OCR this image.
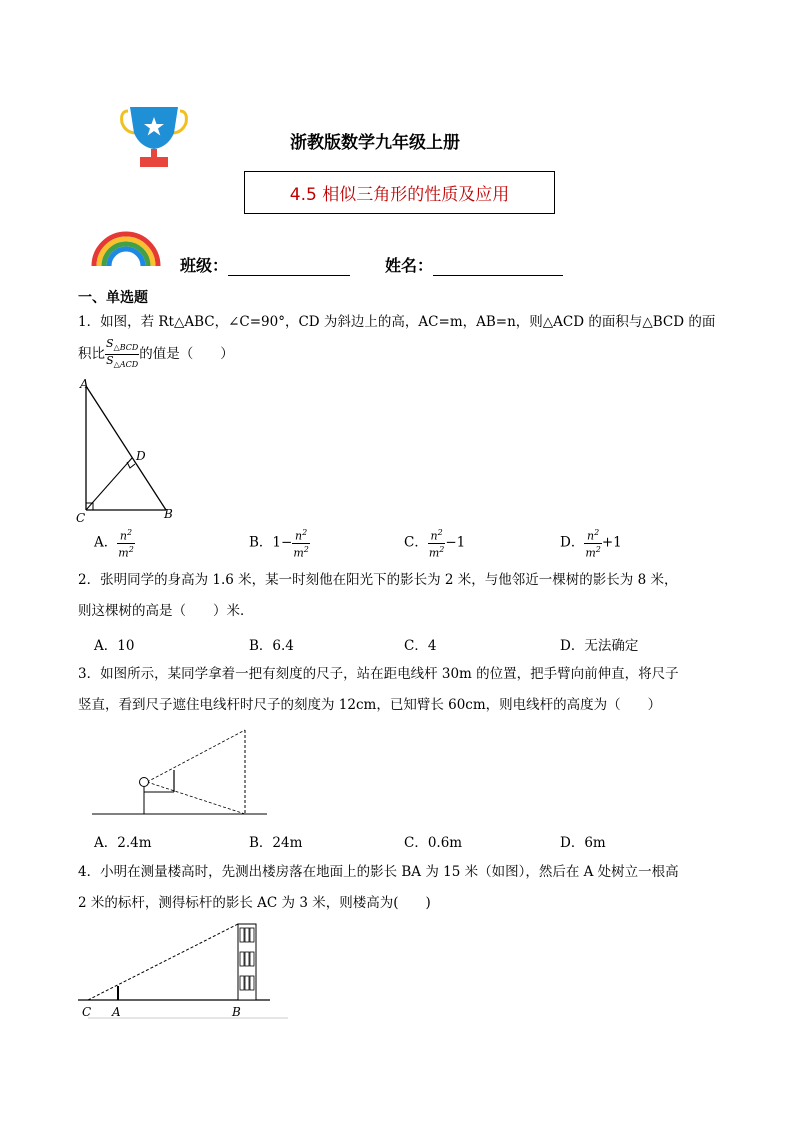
浙教版数学九年级上册
4.5 相似三角形的性质及应用
班级：	姓名：
一、单选题
1．如图，若 Rt△ABC，∠C=90°，CD 为斜边上的高，AC=m，AB=n，则△ACD 的面积与△BCD 的面
积比 $\frac{S_{\triangle BCD}}{S_{\triangle ACD}}$ 的值是（　　）
A
D
C	B
A． $\frac{n^2}{m^2}$	B．$1- \frac{n^2}{m^2}$	C． $\frac{n^2}{m^2} -1$	D． $\frac{n^2}{m^2} +1$
2．张明同学的身高为 1.6 米，某一时刻他在阳光下的影长为 2 米，与他邻近一棵树的影长为 8 米，
则这棵树的高是（　　）米．
A．10	B．6.4	C．4	D．无法确定
3．如图所示，某同学拿着一把有刻度的尺子，站在距电线杆 30m 的位置，把手臂向前伸直，将尺子
竖直，看到尺子遮住电线杆时尺子的刻度为 12cm，已知臂长 60cm，则电线杆的高度为（　　）
A．2.4m	B．24m	C．0.6m	D．6m
4．小明在测量楼高时，先测出楼房落在地面上的影长 BA 为 15 米（如图），然后在 A 处树立一根高
2 米的标杆，测得标杆的影长 AC 为 3 米，则楼高为(　　)
C A	B
